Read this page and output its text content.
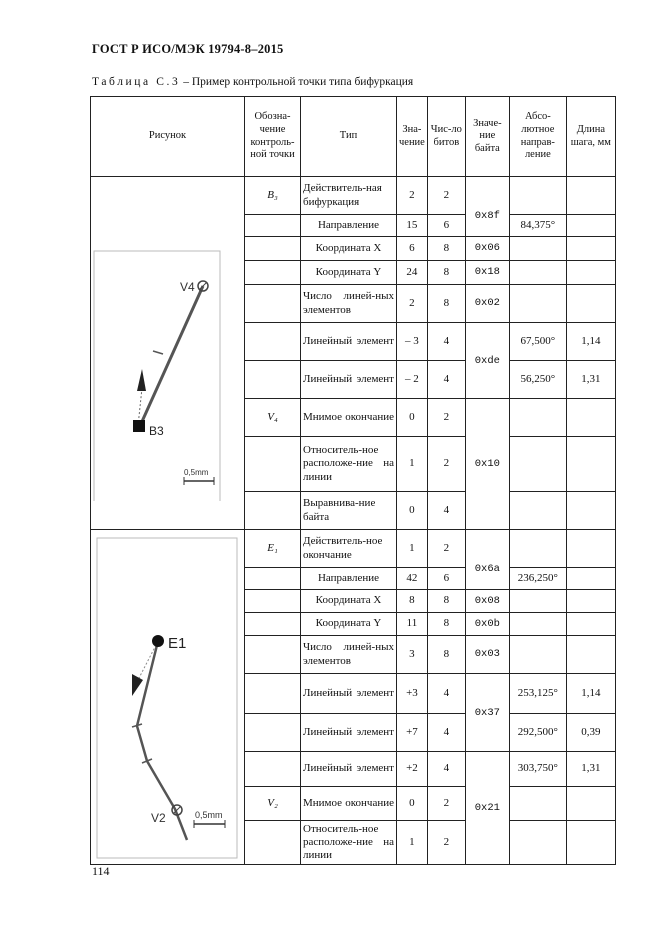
ГОСТ Р ИСО/МЭК 19794-8–2015
Таблица С.3 – Пример контрольной точки типа бифуркация
Рисунок	Обозна-чение контроль-ной точки	Тип	Зна-чение	Чис-ло битов	Значе-ние байта	Абсо-лютное направ-ление	Длина шага, мм

V4
B3
0,5mm	B₃	Действитель-ная бифуркация	2	2	0x8f		
		Направление	15	6		84,375°	
		Координата X	6	8	0x06		
		Координата Y	24	8	0x18		
		Число линей-ных элементов	2	8	0x02		
		Линейный элемент	– 3	4	0xde	67,500°	1,14
		Линейный элемент	– 2	4		56,250°	1,31
	V₄	Мнимое окончание	0	2	0x10		
		Относитель-ное расположе-ние на линии	1	2			
		Выравнива-ние байта	0	4			

E1
V2 0,5mm	E₁	Действитель-ное окончание	1	2	0x6a		
		Направление	42	6		236,250°	
		Координата X	8	8	0x08		
		Координата Y	11	8	0x0b		
		Число линей-ных элементов	3	8	0x03		
		Линейный элемент	+3	4	0x37	253,125°	1,14
		Линейный элемент	+7	4		292,500°	0,39
		Линейный элемент	+2	4	0x21	303,750°	1,31
	V₂	Мнимое окончание	0	2			
		Относитель-ное расположе-ние на линии	1	2			
114
